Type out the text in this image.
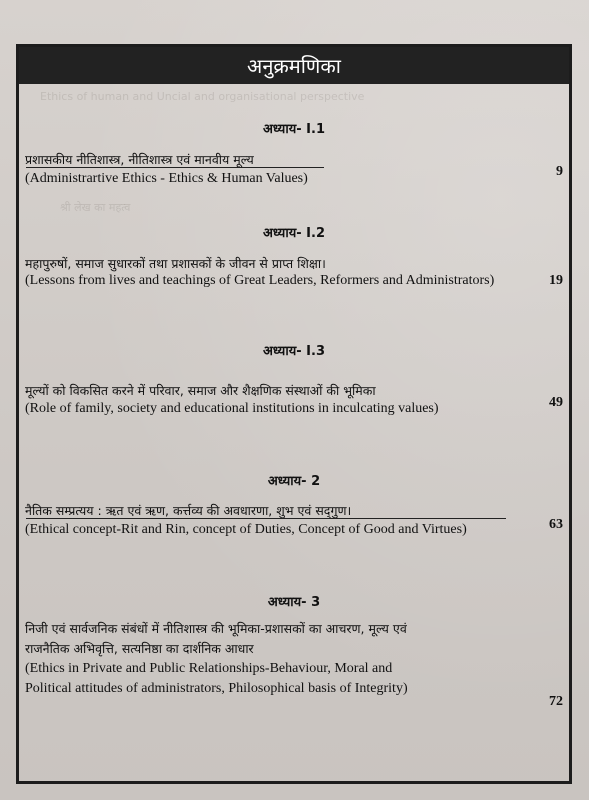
Ethics of human and Uncial and organisational perspective
श्री लेख का महत्व
अनुक्रमणिका
अध्याय- I.1
प्रशासकीय नीतिशास्त्र, नीतिशास्त्र एवं मानवीय मूल्य
(Administrartive Ethics - Ethics & Human Values)	9
अध्याय- I.2
महापुरुषों, समाज सुधारकों तथा प्रशासकों के जीवन से प्राप्त शिक्षा।
(Lessons from lives and teachings of Great Leaders, Reformers and Administrators)	19
अध्याय- I.3
मूल्यों को विकसित करने में परिवार, समाज और शैक्षणिक संस्थाओं की भूमिका
(Role of family, society and educational institutions in inculcating values)	49
अध्याय- 2
नैतिक सम्प्रत्यय : ऋत एवं ऋण, कर्त्तव्य की अवधारणा, शुभ एवं सद्‌गुण।
(Ethical concept-Rit and Rin, concept of Duties, Concept of Good and Virtues)	63
अध्याय- 3
निजी एवं सार्वजनिक संबंधों में नीतिशास्त्र की भूमिका-प्रशासकों का आचरण, मूल्य एवं
राजनैतिक अभिवृत्ति, सत्यनिष्ठा का दार्शनिक आधार
(Ethics in Private and Public Relationships-Behaviour, Moral and
Political attitudes of administrators, Philosophical basis of Integrity)
72
